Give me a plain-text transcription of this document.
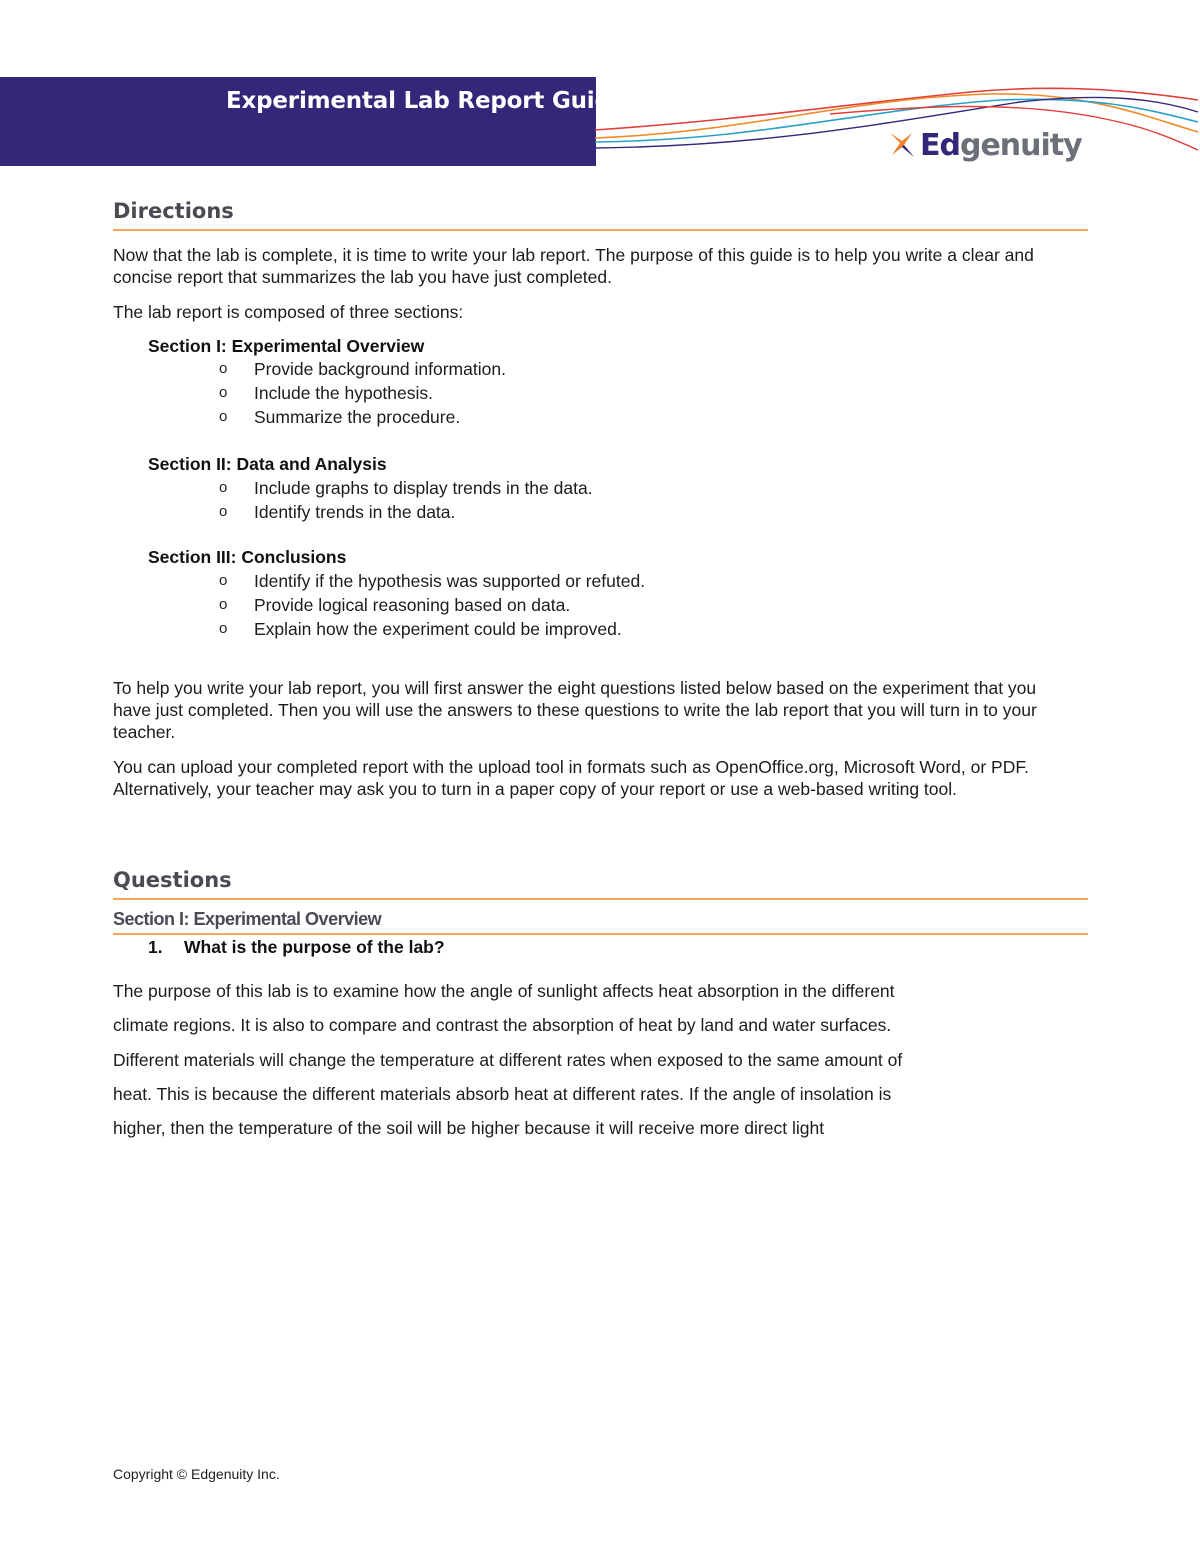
Experimental Lab Report Guide
Edgenuity
Directions

Now that the lab is complete, it is time to write your lab report. The purpose of this guide is to help you write a clear and concise report that summarizes the lab you have just completed.

The lab report is composed of three sections:

Section I: Experimental Overview
o Provide background information.
o Include the hypothesis.
o Summarize the procedure.
Section II: Data and Analysis
o Include graphs to display trends in the data.
o Identify trends in the data.
Section III: Conclusions
o Identify if the hypothesis was supported or refuted.
o Provide logical reasoning based on data.
o Explain how the experiment could be improved.

To help you write your lab report, you will first answer the eight questions listed below based on the experiment that you have just completed. Then you will use the answers to these questions to write the lab report that you will turn in to your teacher.

You can upload your completed report with the upload tool in formats such as OpenOffice.org, Microsoft Word, or PDF. Alternatively, your teacher may ask you to turn in a paper copy of your report or use a web-based writing tool.

Questions
Section I: Experimental Overview
1. What is the purpose of the lab?
The purpose of this lab is to examine how the angle of sunlight affects heat absorption in the different
climate regions. It is also to compare and contrast the absorption of heat by land and water surfaces.
Different materials will change the temperature at different rates when exposed to the same amount of
heat. This is because the different materials absorb heat at different rates. If the angle of insolation is
higher, then the temperature of the soil will be higher because it will receive more direct light
Copyright © Edgenuity Inc.
